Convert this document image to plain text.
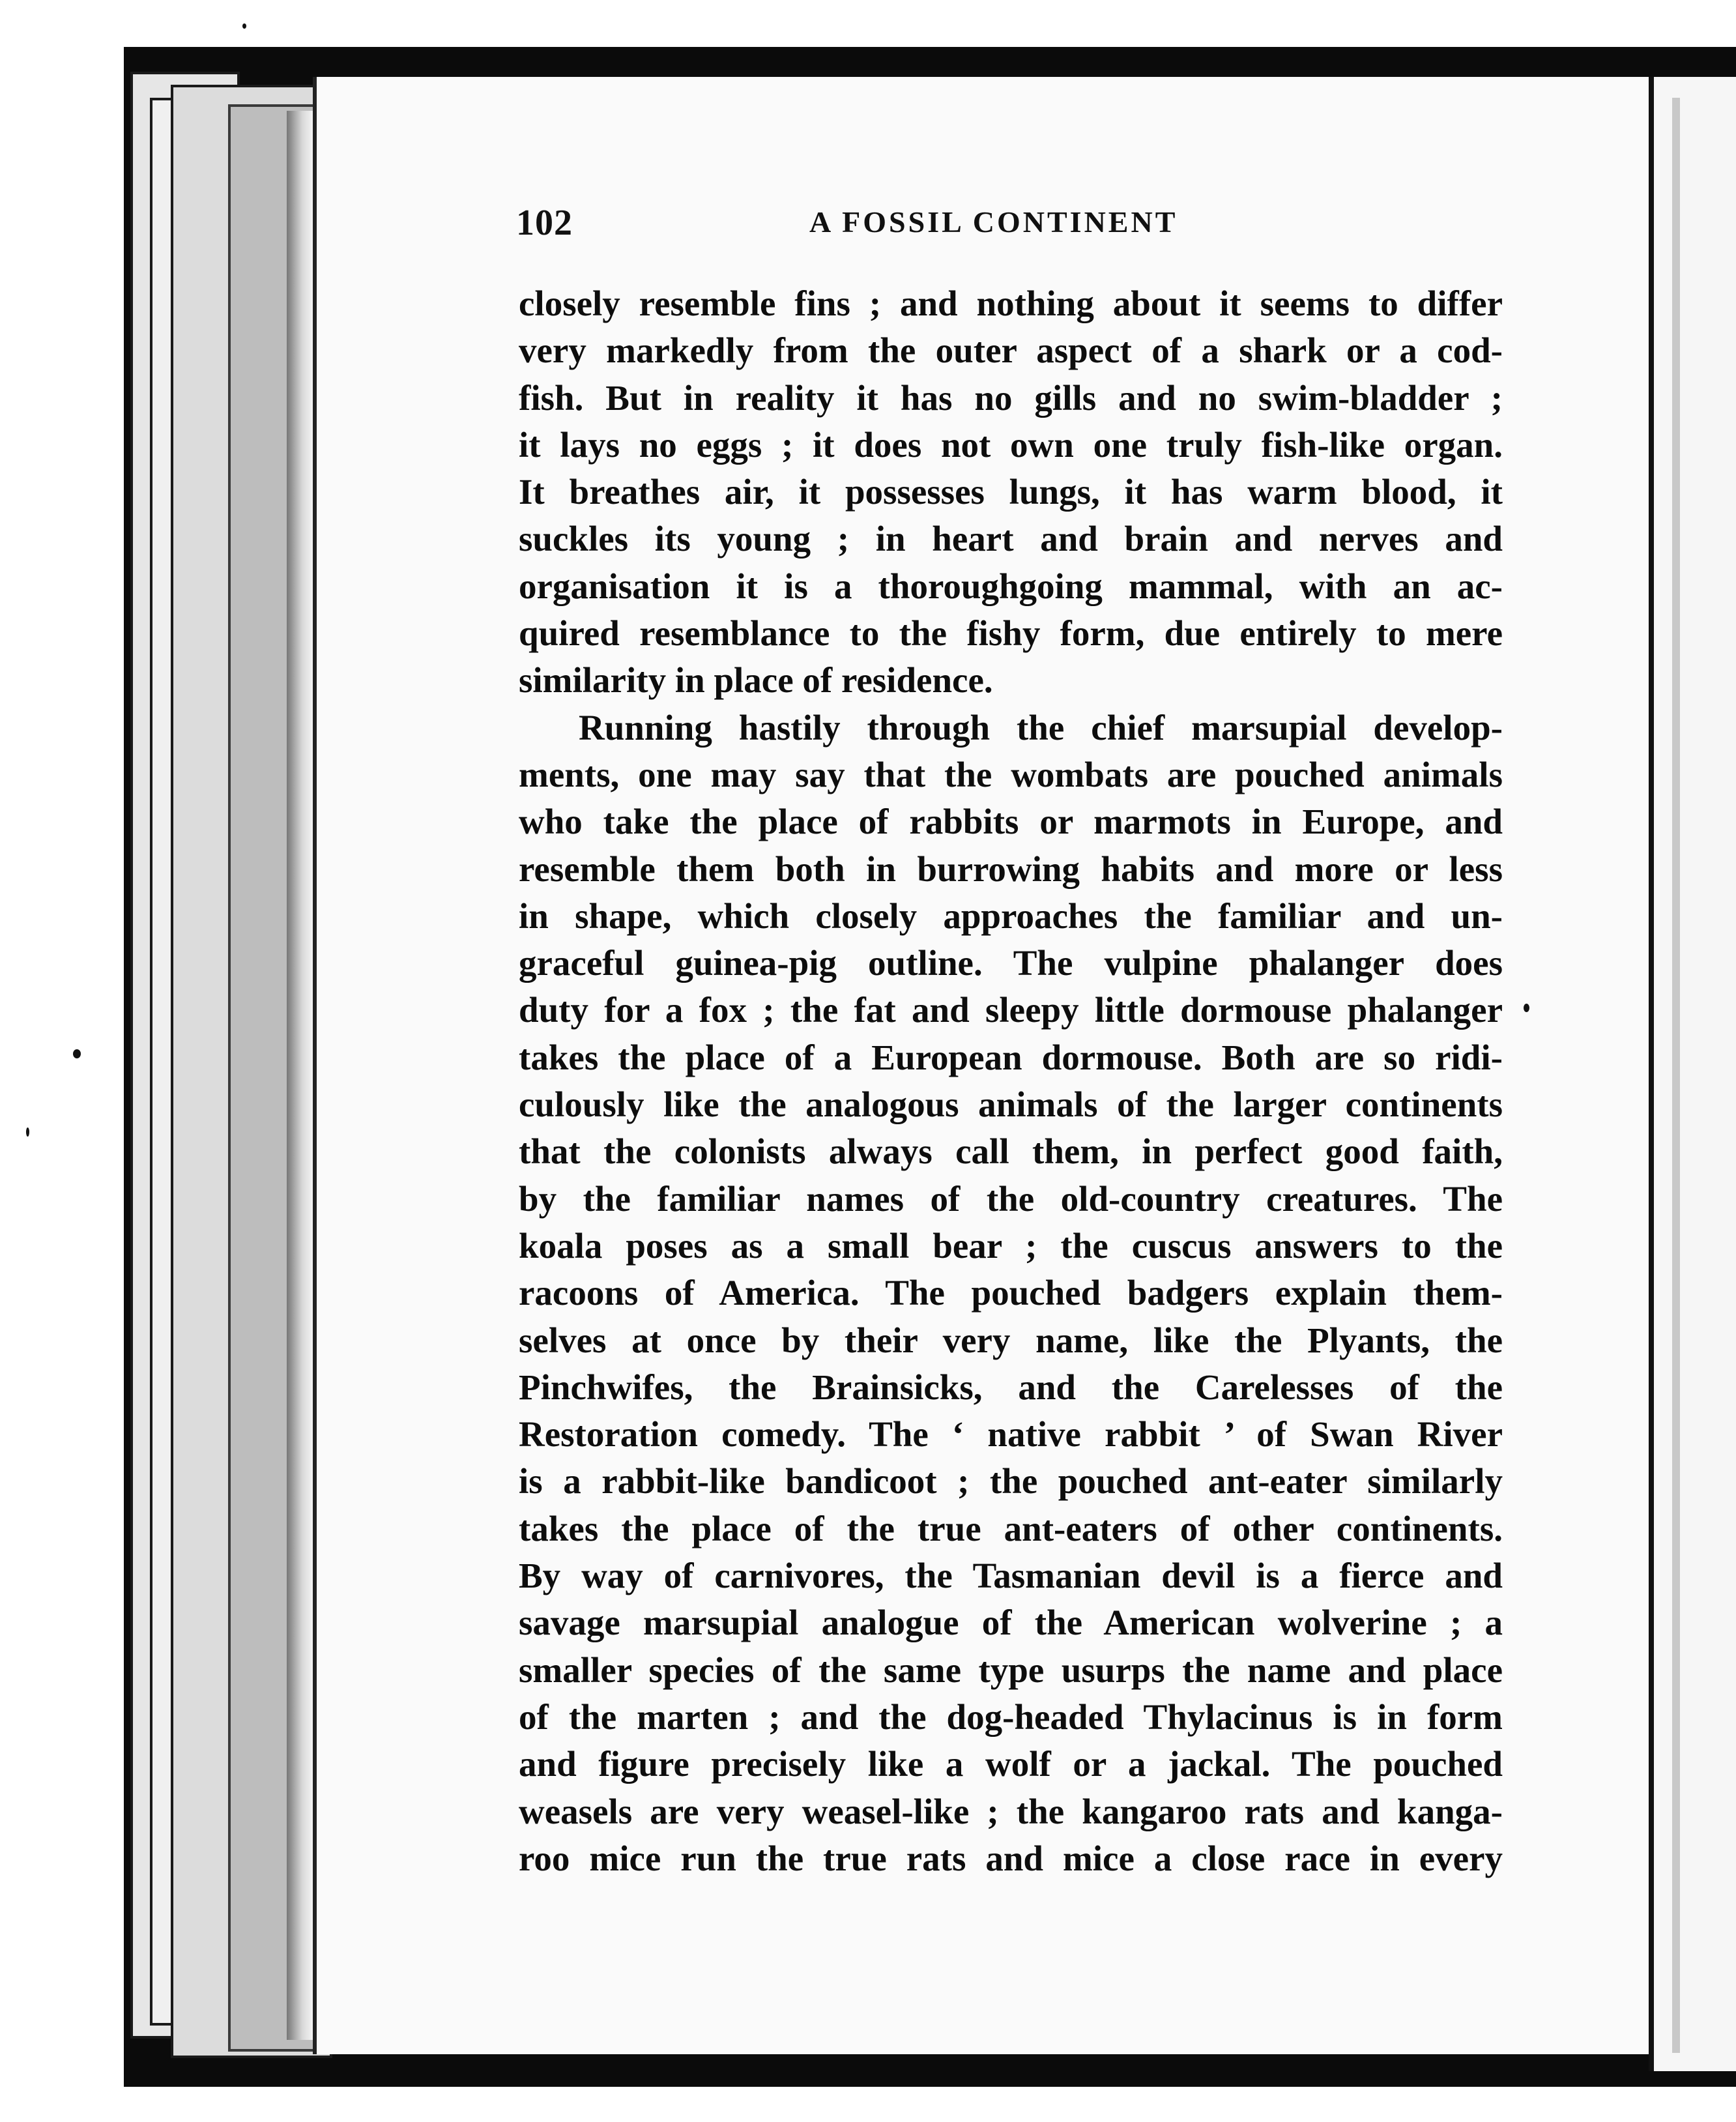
102	A FOSSIL CONTINENT
closely resemble fins ; and nothing about it seems to differ
very markedly from the outer aspect of a shark or a cod-
fish. But in reality it has no gills and no swim-bladder ;
it lays no eggs ; it does not own one truly fish-like organ.
It breathes air, it possesses lungs, it has warm blood, it
suckles its young ; in heart and brain and nerves and
organisation it is a thoroughgoing mammal, with an ac-
quired resemblance to the fishy form, due entirely to mere
similarity in place of residence.
Running hastily through the chief marsupial develop-
ments, one may say that the wombats are pouched animals
who take the place of rabbits or marmots in Europe, and
resemble them both in burrowing habits and more or less
in shape, which closely approaches the familiar and un-
graceful guinea-pig outline. The vulpine phalanger does
duty for a fox ; the fat and sleepy little dormouse phalanger
takes the place of a European dormouse. Both are so ridi-
culously like the analogous animals of the larger continents
that the colonists always call them, in perfect good faith,
by the familiar names of the old-country creatures. The
koala poses as a small bear ; the cuscus answers to the
racoons of America. The pouched badgers explain them-
selves at once by their very name, like the Plyants, the
Pinchwifes, the Brainsicks, and the Carelesses of the
Restoration comedy. The ‘ native rabbit ’ of Swan River
is a rabbit-like bandicoot ; the pouched ant-eater similarly
takes the place of the true ant-eaters of other continents.
By way of carnivores, the Tasmanian devil is a fierce and
savage marsupial analogue of the American wolverine ; a
smaller species of the same type usurps the name and place
of the marten ; and the dog-headed Thylacinus is in form
and figure precisely like a wolf or a jackal. The pouched
weasels are very weasel-like ; the kangaroo rats and kanga-
roo mice run the true rats and mice a close race in every
